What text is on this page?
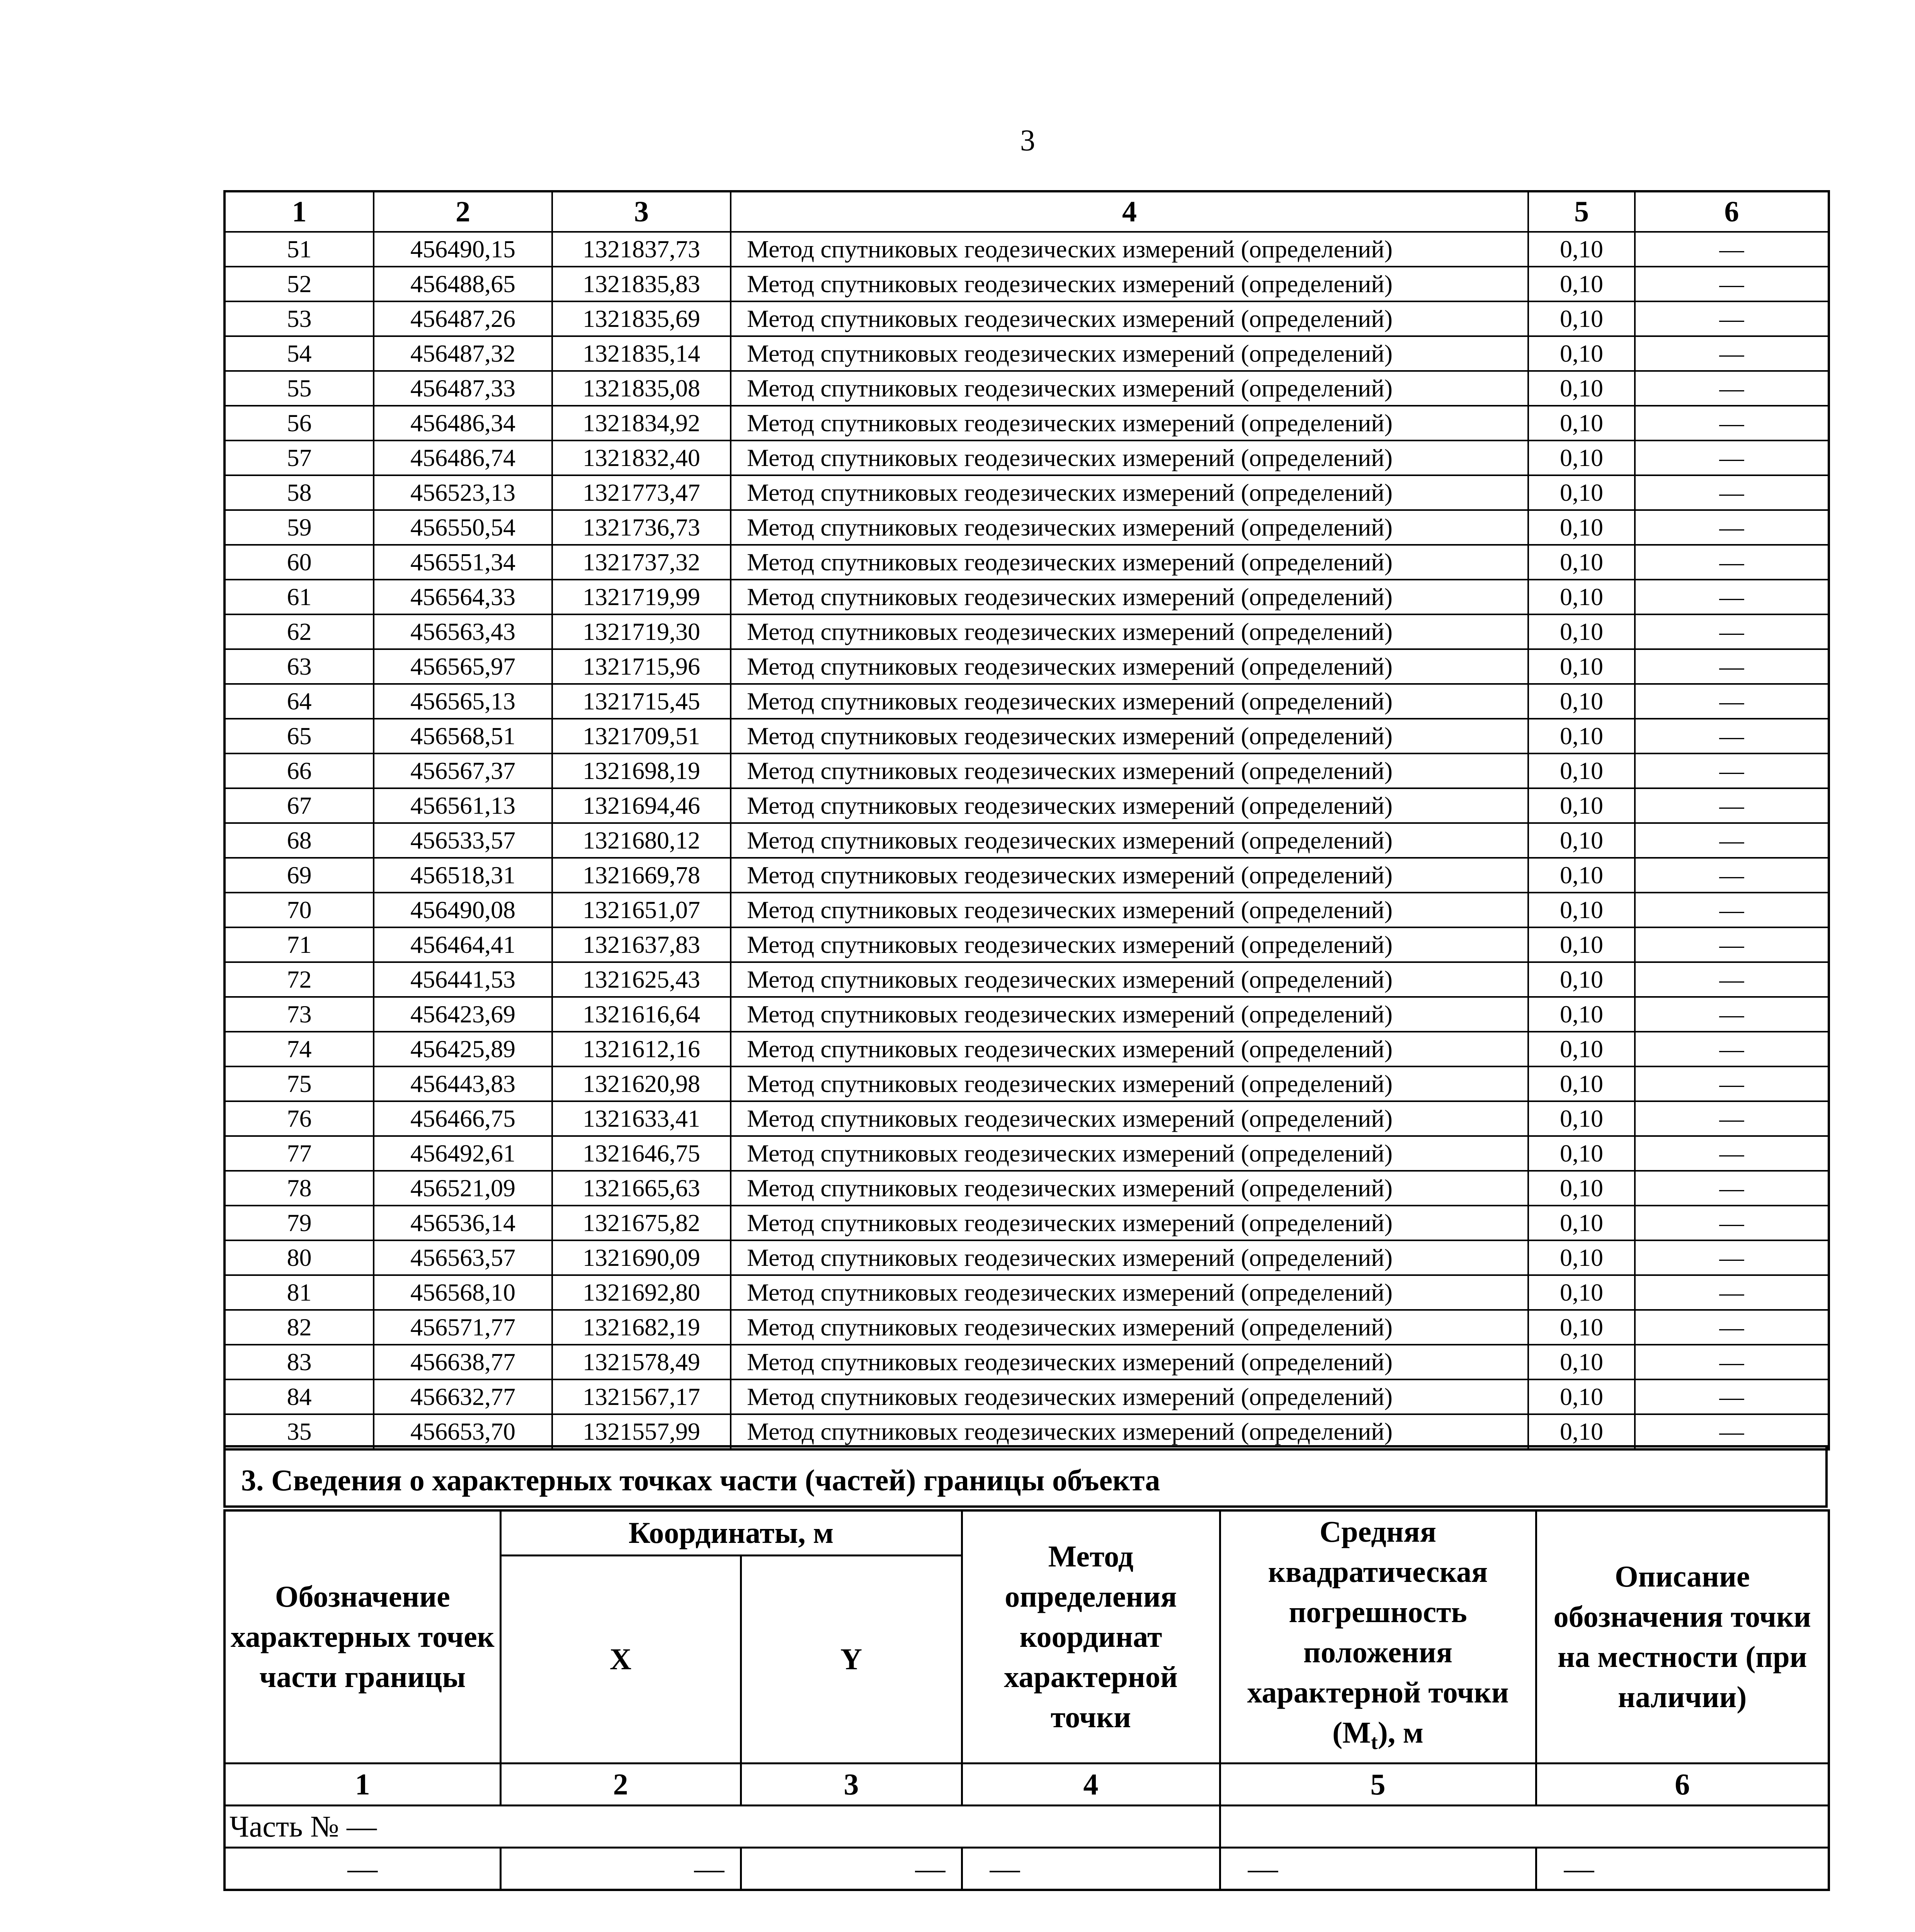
3
1	2	3	4	5	6
51	456490,15	1321837,73	Метод спутниковых геодезических измерений (определений)	0,10	—
52	456488,65	1321835,83	Метод спутниковых геодезических измерений (определений)	0,10	—
53	456487,26	1321835,69	Метод спутниковых геодезических измерений (определений)	0,10	—
54	456487,32	1321835,14	Метод спутниковых геодезических измерений (определений)	0,10	—
55	456487,33	1321835,08	Метод спутниковых геодезических измерений (определений)	0,10	—
56	456486,34	1321834,92	Метод спутниковых геодезических измерений (определений)	0,10	—
57	456486,74	1321832,40	Метод спутниковых геодезических измерений (определений)	0,10	—
58	456523,13	1321773,47	Метод спутниковых геодезических измерений (определений)	0,10	—
59	456550,54	1321736,73	Метод спутниковых геодезических измерений (определений)	0,10	—
60	456551,34	1321737,32	Метод спутниковых геодезических измерений (определений)	0,10	—
61	456564,33	1321719,99	Метод спутниковых геодезических измерений (определений)	0,10	—
62	456563,43	1321719,30	Метод спутниковых геодезических измерений (определений)	0,10	—
63	456565,97	1321715,96	Метод спутниковых геодезических измерений (определений)	0,10	—
64	456565,13	1321715,45	Метод спутниковых геодезических измерений (определений)	0,10	—
65	456568,51	1321709,51	Метод спутниковых геодезических измерений (определений)	0,10	—
66	456567,37	1321698,19	Метод спутниковых геодезических измерений (определений)	0,10	—
67	456561,13	1321694,46	Метод спутниковых геодезических измерений (определений)	0,10	—
68	456533,57	1321680,12	Метод спутниковых геодезических измерений (определений)	0,10	—
69	456518,31	1321669,78	Метод спутниковых геодезических измерений (определений)	0,10	—
70	456490,08	1321651,07	Метод спутниковых геодезических измерений (определений)	0,10	—
71	456464,41	1321637,83	Метод спутниковых геодезических измерений (определений)	0,10	—
72	456441,53	1321625,43	Метод спутниковых геодезических измерений (определений)	0,10	—
73	456423,69	1321616,64	Метод спутниковых геодезических измерений (определений)	0,10	—
74	456425,89	1321612,16	Метод спутниковых геодезических измерений (определений)	0,10	—
75	456443,83	1321620,98	Метод спутниковых геодезических измерений (определений)	0,10	—
76	456466,75	1321633,41	Метод спутниковых геодезических измерений (определений)	0,10	—
77	456492,61	1321646,75	Метод спутниковых геодезических измерений (определений)	0,10	—
78	456521,09	1321665,63	Метод спутниковых геодезических измерений (определений)	0,10	—
79	456536,14	1321675,82	Метод спутниковых геодезических измерений (определений)	0,10	—
80	456563,57	1321690,09	Метод спутниковых геодезических измерений (определений)	0,10	—
81	456568,10	1321692,80	Метод спутниковых геодезических измерений (определений)	0,10	—
82	456571,77	1321682,19	Метод спутниковых геодезических измерений (определений)	0,10	—
83	456638,77	1321578,49	Метод спутниковых геодезических измерений (определений)	0,10	—
84	456632,77	1321567,17	Метод спутниковых геодезических измерений (определений)	0,10	—
35	456653,70	1321557,99	Метод спутниковых геодезических измерений (определений)	0,10	—
3. Сведения о характерных точках части (частей) границы объекта
Обозначение характерных точек части границы	Координаты, м		Метод определения координат характерной точки	Средняя квадратическая погрешность положения характерной точки $(M_t)$, м	Описание обозначения точки на местности (при наличии)
	X	Y			
1	2	3	4	5	6
Часть № —					
—	—	—	—	—	—
